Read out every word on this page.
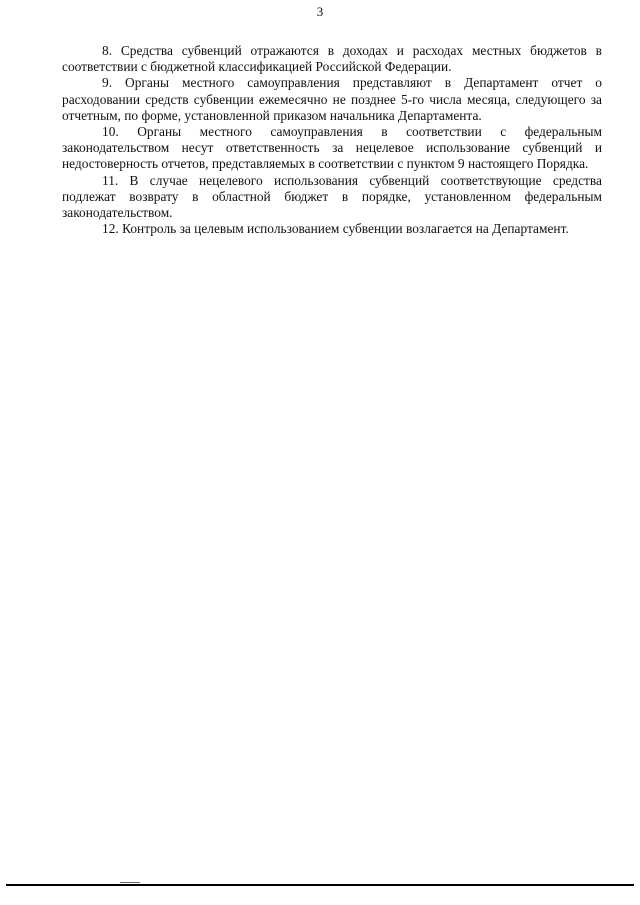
3

8. Средства субвенций отражаются в доходах и расходах местных бюджетов в соответствии с бюджетной классификацией Российской Федерации.

9. Органы местного самоуправления представляют в Департамент отчет о расходовании средств субвенции ежемесячно не позднее 5-го числа месяца, следующего за отчетным, по форме, установленной приказом начальника Департамента.

10. Органы местного самоуправления в соответствии с федеральным законодательством несут ответственность за нецелевое использование субвенций и недостоверность отчетов, представляемых в соответствии с пунктом 9 настоящего Порядка.

11. В случае нецелевого использования субвенций соответствующие средства подлежат возврату в областной бюджет в порядке, установленном федеральным законодательством.

12. Контроль за целевым использованием субвенции возлагается на Департамент.
